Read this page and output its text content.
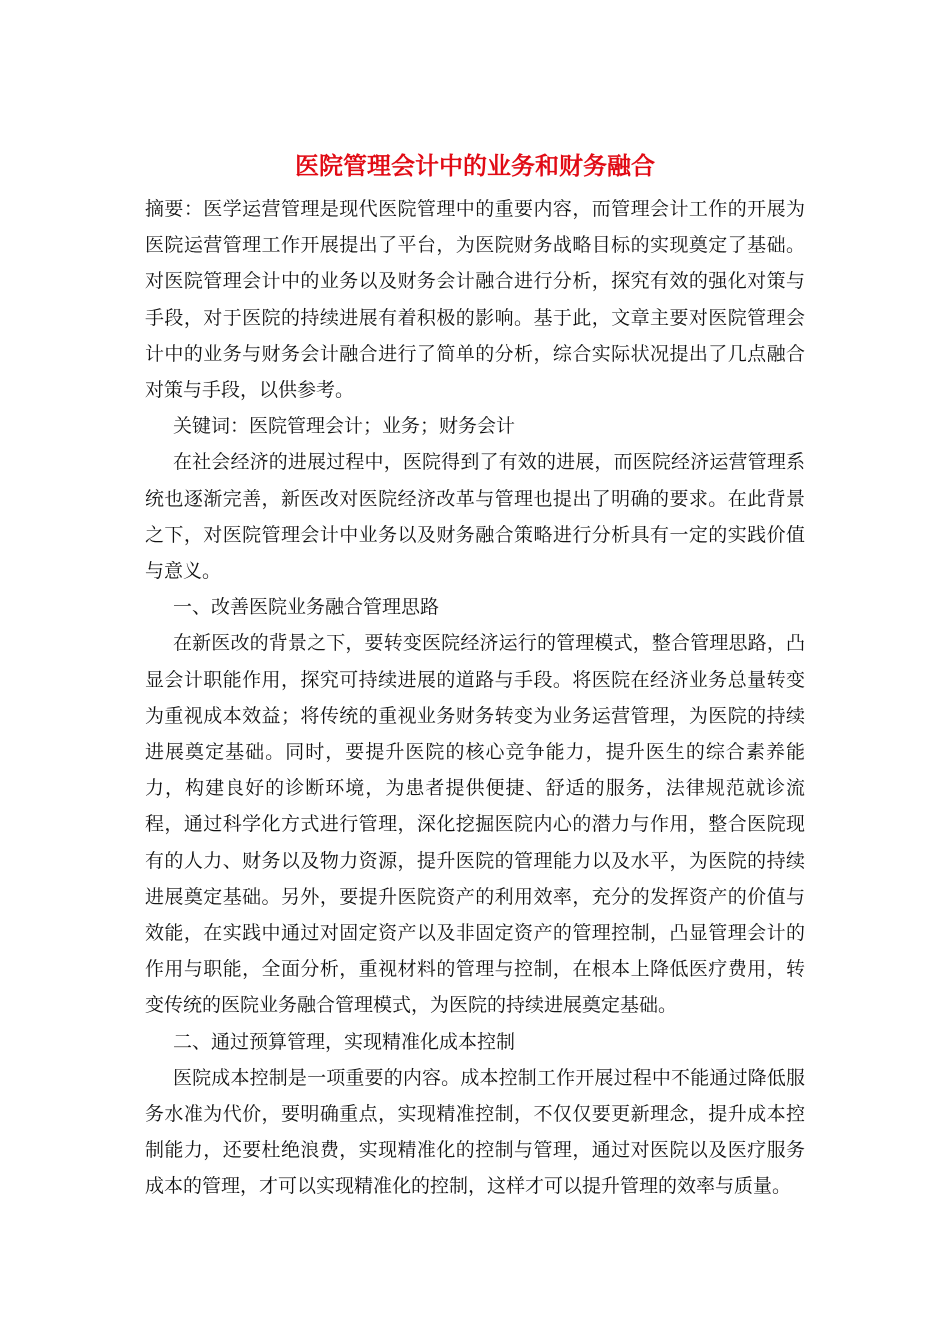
医院管理会计中的业务和财务融合

摘要：医学运营管理是现代医院管理中的重要内容，而管理会计工作的开展为医院运营管理工作开展提出了平台，为医院财务战略目标的实现奠定了基础。对医院管理会计中的业务以及财务会计融合进行分析，探究有效的强化对策与手段，对于医院的持续进展有着积极的影响。基于此，文章主要对医院管理会计中的业务与财务会计融合进行了简单的分析，综合实际状况提出了几点融合对策与手段，以供参考。

关键词：医院管理会计；业务；财务会计

在社会经济的进展过程中，医院得到了有效的进展，而医院经济运营管理系统也逐渐完善，新医改对医院经济改革与管理也提出了明确的要求。在此背景之下，对医院管理会计中业务以及财务融合策略进行分析具有一定的实践价值与意义。

一、改善医院业务融合管理思路

在新医改的背景之下，要转变医院经济运行的管理模式，整合管理思路，凸显会计职能作用，探究可持续进展的道路与手段。将医院在经济业务总量转变为重视成本效益；将传统的重视业务财务转变为业务运营管理，为医院的持续进展奠定基础。同时，要提升医院的核心竞争能力，提升医生的综合素养能力，构建良好的诊断环境，为患者提供便捷、舒适的服务，法律规范就诊流程，通过科学化方式进行管理，深化挖掘医院内心的潜力与作用，整合医院现有的人力、财务以及物力资源，提升医院的管理能力以及水平，为医院的持续进展奠定基础。另外，要提升医院资产的利用效率，充分的发挥资产的价值与效能，在实践中通过对固定资产以及非固定资产的管理控制，凸显管理会计的作用与职能，全面分析，重视材料的管理与控制，在根本上降低医疗费用，转变传统的医院业务融合管理模式，为医院的持续进展奠定基础。

二、通过预算管理，实现精准化成本控制

医院成本控制是一项重要的内容。成本控制工作开展过程中不能通过降低服务水准为代价，要明确重点，实现精准控制，不仅仅要更新理念，提升成本控制能力，还要杜绝浪费，实现精准化的控制与管理，通过对医院以及医疗服务成本的管理，才可以实现精准化的控制，这样才可以提升管理的效率与质量。
